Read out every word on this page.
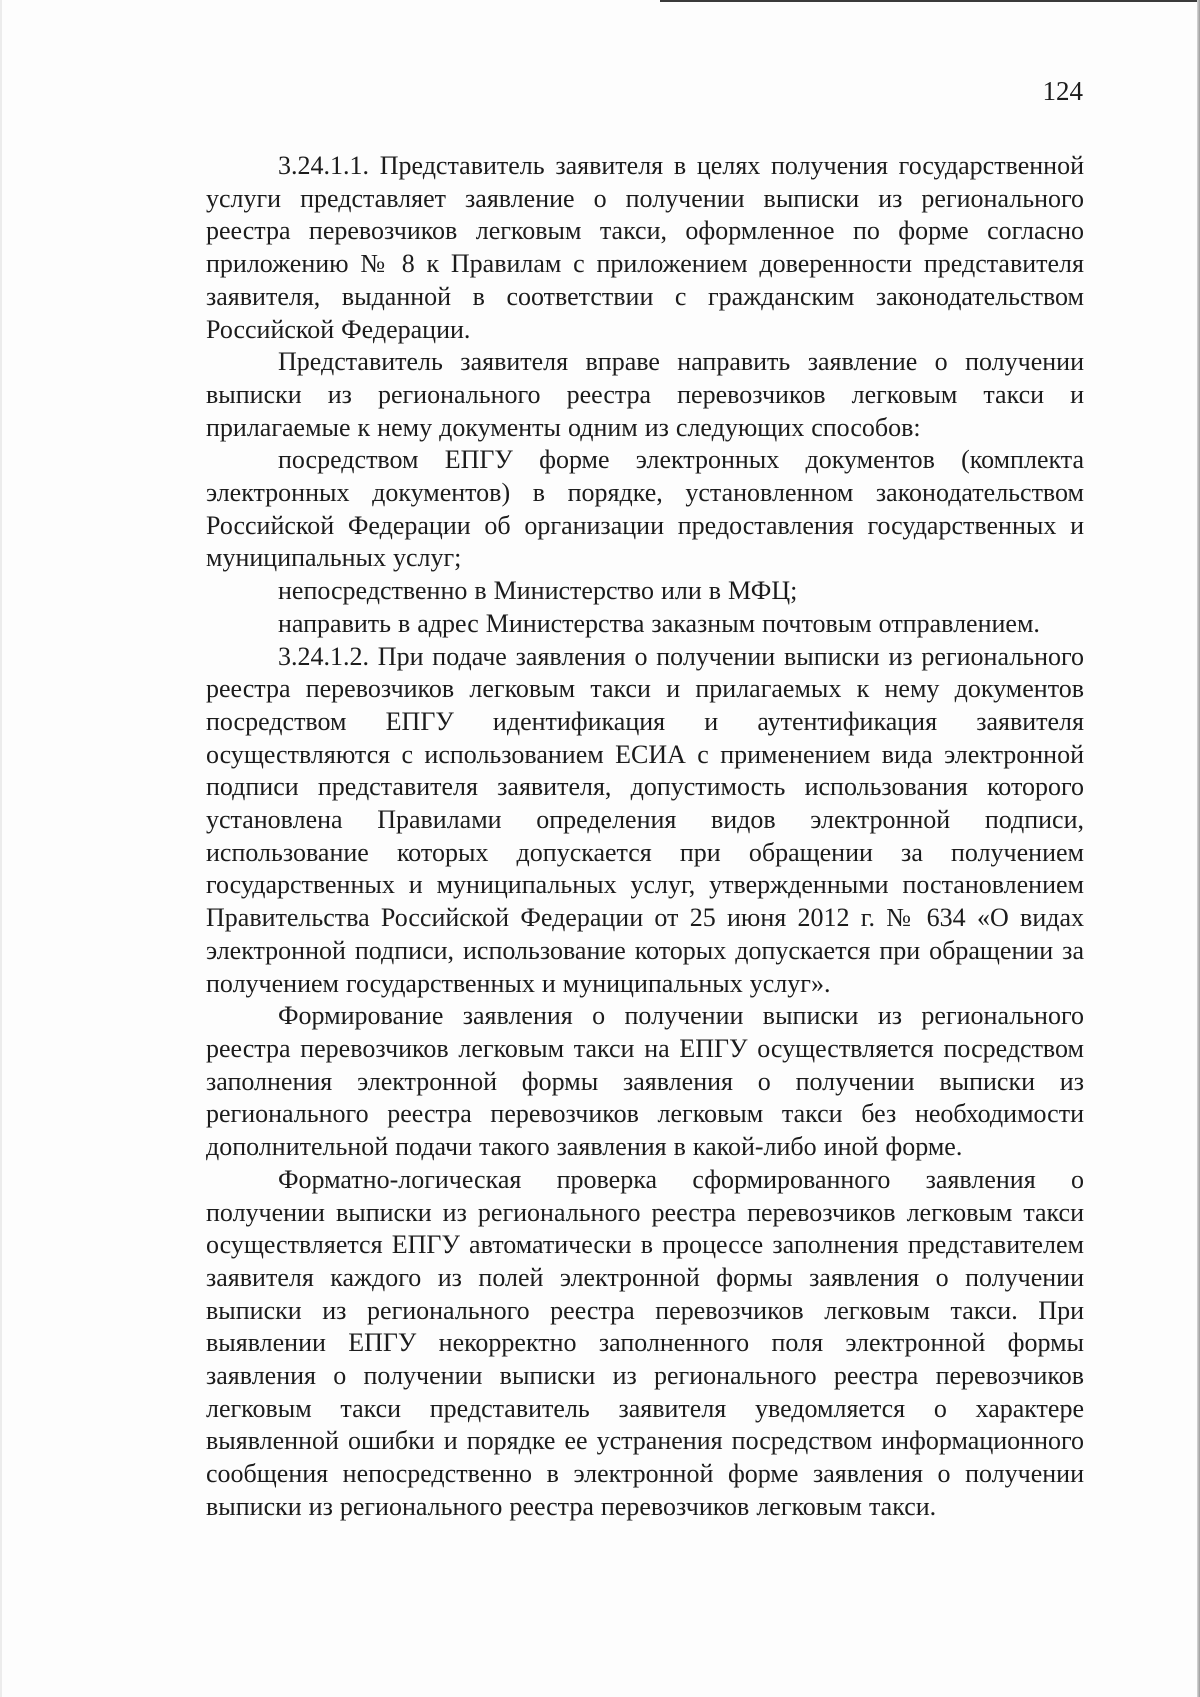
124

3.24.1.1. Представитель заявителя в целях получения государственной услуги представляет заявление о получении выписки из регионального реестра перевозчиков легковым такси, оформленное по форме согласно приложению № 8 к Правилам с приложением доверенности представителя заявителя, выданной в соответствии с гражданским законодательством Российской Федерации.

Представитель заявителя вправе направить заявление о получении выписки из регионального реестра перевозчиков легковым такси и прилагаемые к нему документы одним из следующих способов:

посредством ЕПГУ форме электронных документов (комплекта электронных документов) в порядке, установленном законодательством Российской Федерации об организации предоставления государственных и муниципальных услуг;

непосредственно в Министерство или в МФЦ;

направить в адрес Министерства заказным почтовым отправлением.

3.24.1.2. При подаче заявления о получении выписки из регионального реестра перевозчиков легковым такси и прилагаемых к нему документов посредством ЕПГУ идентификация и аутентификация заявителя осуществляются с использованием ЕСИА с применением вида электронной подписи представителя заявителя, допустимость использования которого установлена Правилами определения видов электронной подписи, использование которых допускается при обращении за получением государственных и муниципальных услуг, утвержденными постановлением Правительства Российской Федерации от 25 июня 2012 г. № 634 «О видах электронной подписи, использование которых допускается при обращении за получением государственных и муниципальных услуг».

Формирование заявления о получении выписки из регионального реестра перевозчиков легковым такси на ЕПГУ осуществляется посредством заполнения электронной формы заявления о получении выписки из регионального реестра перевозчиков легковым такси без необходимости дополнительной подачи такого заявления в какой-либо иной форме.

Форматно-логическая проверка сформированного заявления о получении выписки из регионального реестра перевозчиков легковым такси осуществляется ЕПГУ автоматически в процессе заполнения представителем заявителя каждого из полей электронной формы заявления о получении выписки из регионального реестра перевозчиков легковым такси. При выявлении ЕПГУ некорректно заполненного поля электронной формы заявления о получении выписки из регионального реестра перевозчиков легковым такси представитель заявителя уведомляется о характере выявленной ошибки и порядке ее устранения посредством информационного сообщения непосредственно в электронной форме заявления о получении выписки из регионального реестра перевозчиков легковым такси.
